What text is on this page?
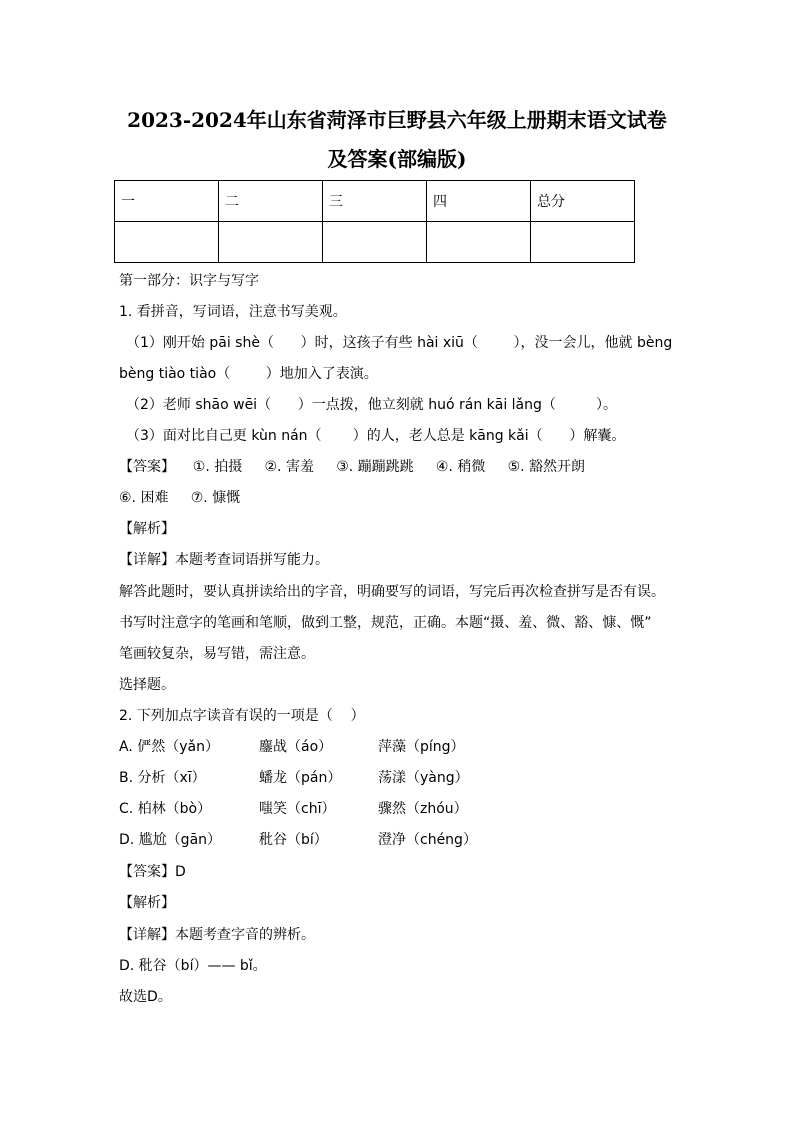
2023-2024年山东省菏泽市巨野县六年级上册期末语文试卷
及答案(部编版)
一	二	三	四	总分

第一部分：识字与写字
1. 看拼音，写词语，注意书写美观。
（1）刚开始 pāi shè（      ）时，这孩子有些 hài xiū（        ），没一会儿，他就 bèng
bèng tiào tiào（        ）地加入了表演。
（2）老师 shāo wēi（      ）一点拨，他立刻就 huó rán kāi lǎng（         ）。
（3）面对比自己更 kùn nán（       ）的人，老人总是 kāng kǎi（      ）解囊。
【答案】    ①. 拍摄     ②. 害羞     ③. 蹦蹦跳跳     ④. 稍微     ⑤. 豁然开朗
⑥. 困难     ⑦. 慷慨
【解析】
【详解】本题考查词语拼写能力。
解答此题时，要认真拼读给出的字音，明确要写的词语，写完后再次检查拼写是否有误。
书写时注意字的笔画和笔顺，做到工整，规范，正确。本题“摄、羞、微、豁、慷、慨”
笔画较复杂，易写错，需注意。
选择题。
2. 下列加点字读音有误的一项是（    ）
A. 俨然（yǎn）	鏖战（áo）	萍藻（píng）
B. 分析（xī）	蟠龙（pán）	荡漾（yàng）
C. 柏林（bò）	嗤笑（chī）	骤然（zhóu）
D. 尴尬（gān）	秕谷（bí）	澄净（chéng）
【答案】D
【解析】
【详解】本题考查字音的辨析。
D. 秕谷（bí）—— bǐ。
故选D。
